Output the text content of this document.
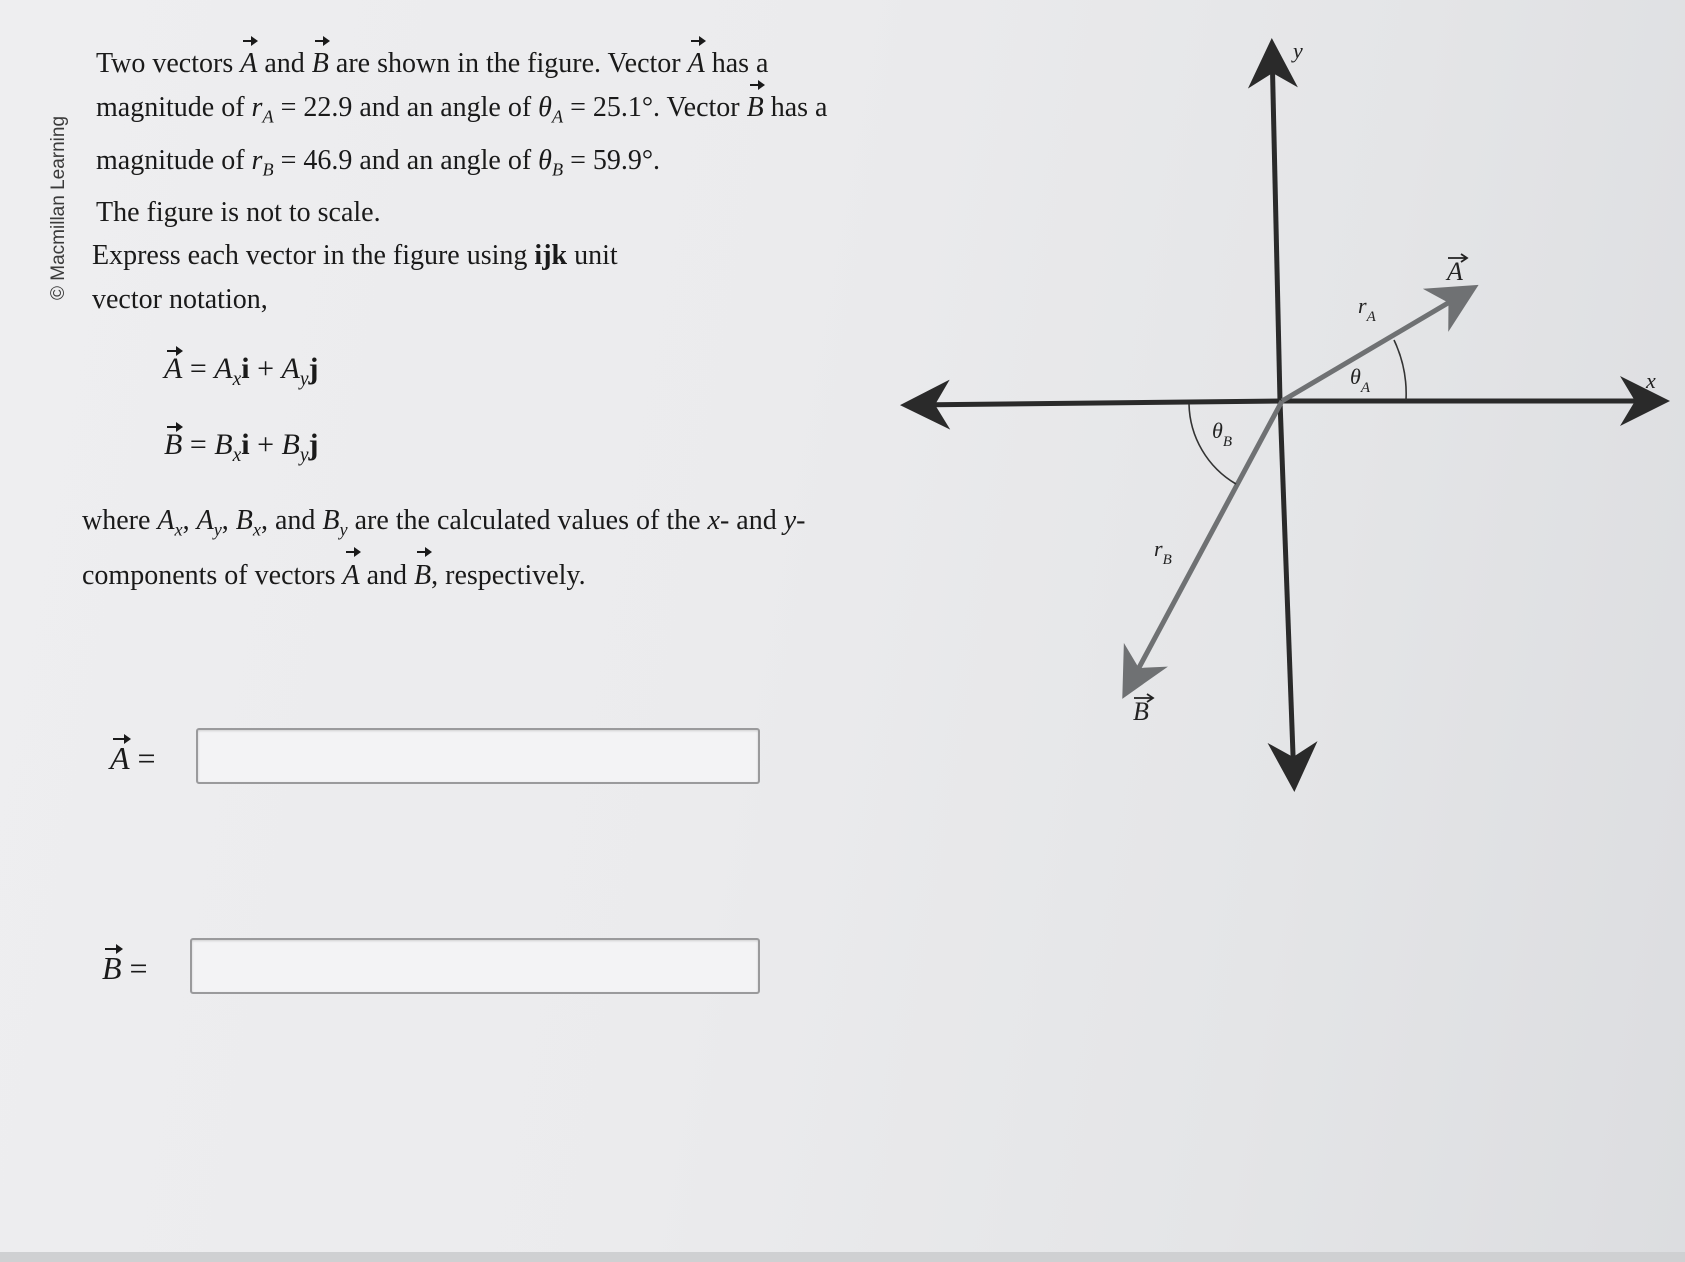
© Macmillan Learning
Two vectors A and B are shown in the figure. Vector A has a magnitude of $r_A = 22.9$ and an angle of $\theta_A = 25.1^\circ$. Vector B has a magnitude of $r_B = 46.9$ and an angle of $\theta_B = 59.9^\circ$.
The figure is not to scale.
Express each vector in the figure using ijk unit vector notation,
$A = A_xi + A_yj$
$B = B_xi + B_yj$
where $A_x$, $A_y$, $B_x$, and $B_y$ are the calculated values of the x- and y-components of vectors A and B, respectively.
A =
B =
y
x
A
B
$r_A$
$\theta_A$
$\theta_B$
$r_B$
